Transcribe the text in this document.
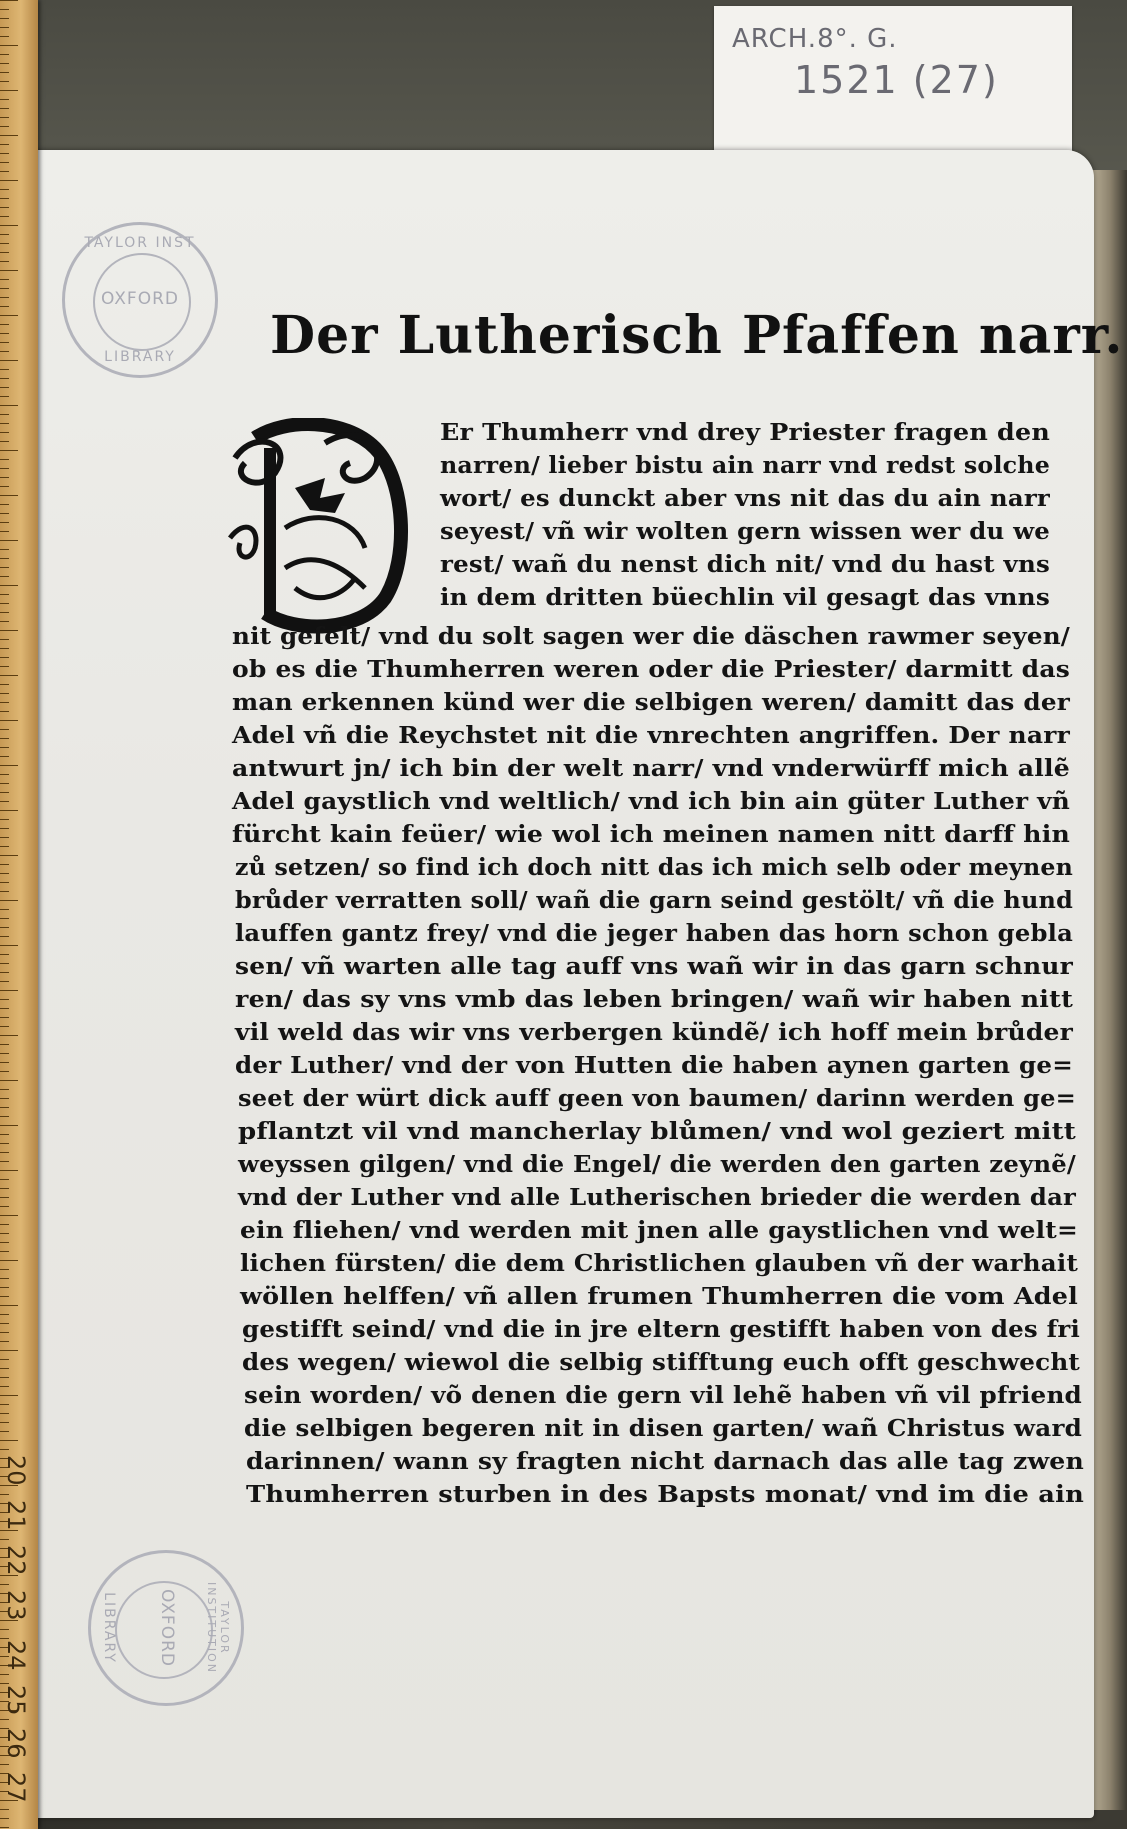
ARCH.8°. G.
1521 (27)
TAYLOR INST
OXFORD
LIBRARY
TAYLOR INSTITUTION
OXFORD
LIBRARY
27
26
25
24
23
22
21
20
Der Lutherisch Pfaffen narr.
Er Thumherr vnd drey Priester fragen den
narren/ lieber bistu ain narr vnd redst solche
wort/ es dunckt aber vns nit das du ain narr
seyest/ vñ wir wolten gern wissen wer du we
rest/ wañ du nenst dich nit/ vnd du hast vns
in dem dritten büechlin vil gesagt das vnns
nit gefelt/ vnd du solt sagen wer die däschen rawmer seyen/
ob es die Thumherren weren oder die Priester/ darmitt das
man erkennen künd wer die selbigen weren/ damitt das der
Adel vñ die Reychstet nit die vnrechten angriffen. Der narr
antwurt jn/ ich bin der welt narr/ vnd vnderwürff mich allẽ
Adel gaystlich vnd weltlich/ vnd ich bin ain güter Luther vñ
fürcht kain feüer/ wie wol ich meinen namen nitt darff hin
zů setzen/ so find ich doch nitt das ich mich selb oder meynen
brůder verratten soll/ wañ die garn seind gestölt/ vñ die hund
lauffen gantz frey/ vnd die jeger haben das horn schon gebla
sen/ vñ warten alle tag auff vns wañ wir in das garn schnur
ren/ das sy vns vmb das leben bringen/ wañ wir haben nitt
vil weld das wir vns verbergen kündẽ/ ich hoff mein brůder
der Luther/ vnd der von Hutten die haben aynen garten ge=
seet der würt dick auff geen von baumen/ darinn werden ge=
pflantzt vil vnd mancherlay blůmen/ vnd wol geziert mitt
weyssen gilgen/ vnd die Engel/ die werden den garten zeynẽ/
vnd der Luther vnd alle Lutherischen brieder die werden dar
ein fliehen/ vnd werden mit jnen alle gaystlichen vnd welt=
lichen fürsten/ die dem Christlichen glauben vñ der warhait
wöllen helffen/ vñ allen frumen Thumherren die vom Adel
gestifft seind/ vnd die in jre eltern gestifft haben von des fri
des wegen/ wiewol die selbig stifftung euch offt geschwecht
sein worden/ võ denen die gern vil lehẽ haben vñ vil pfriend
die selbigen begeren nit in disen garten/ wañ Christus ward
darinnen/ wann sy fragten nicht darnach das alle tag zwen
Thumherren sturben in des Bapsts monat/ vnd im die ain
